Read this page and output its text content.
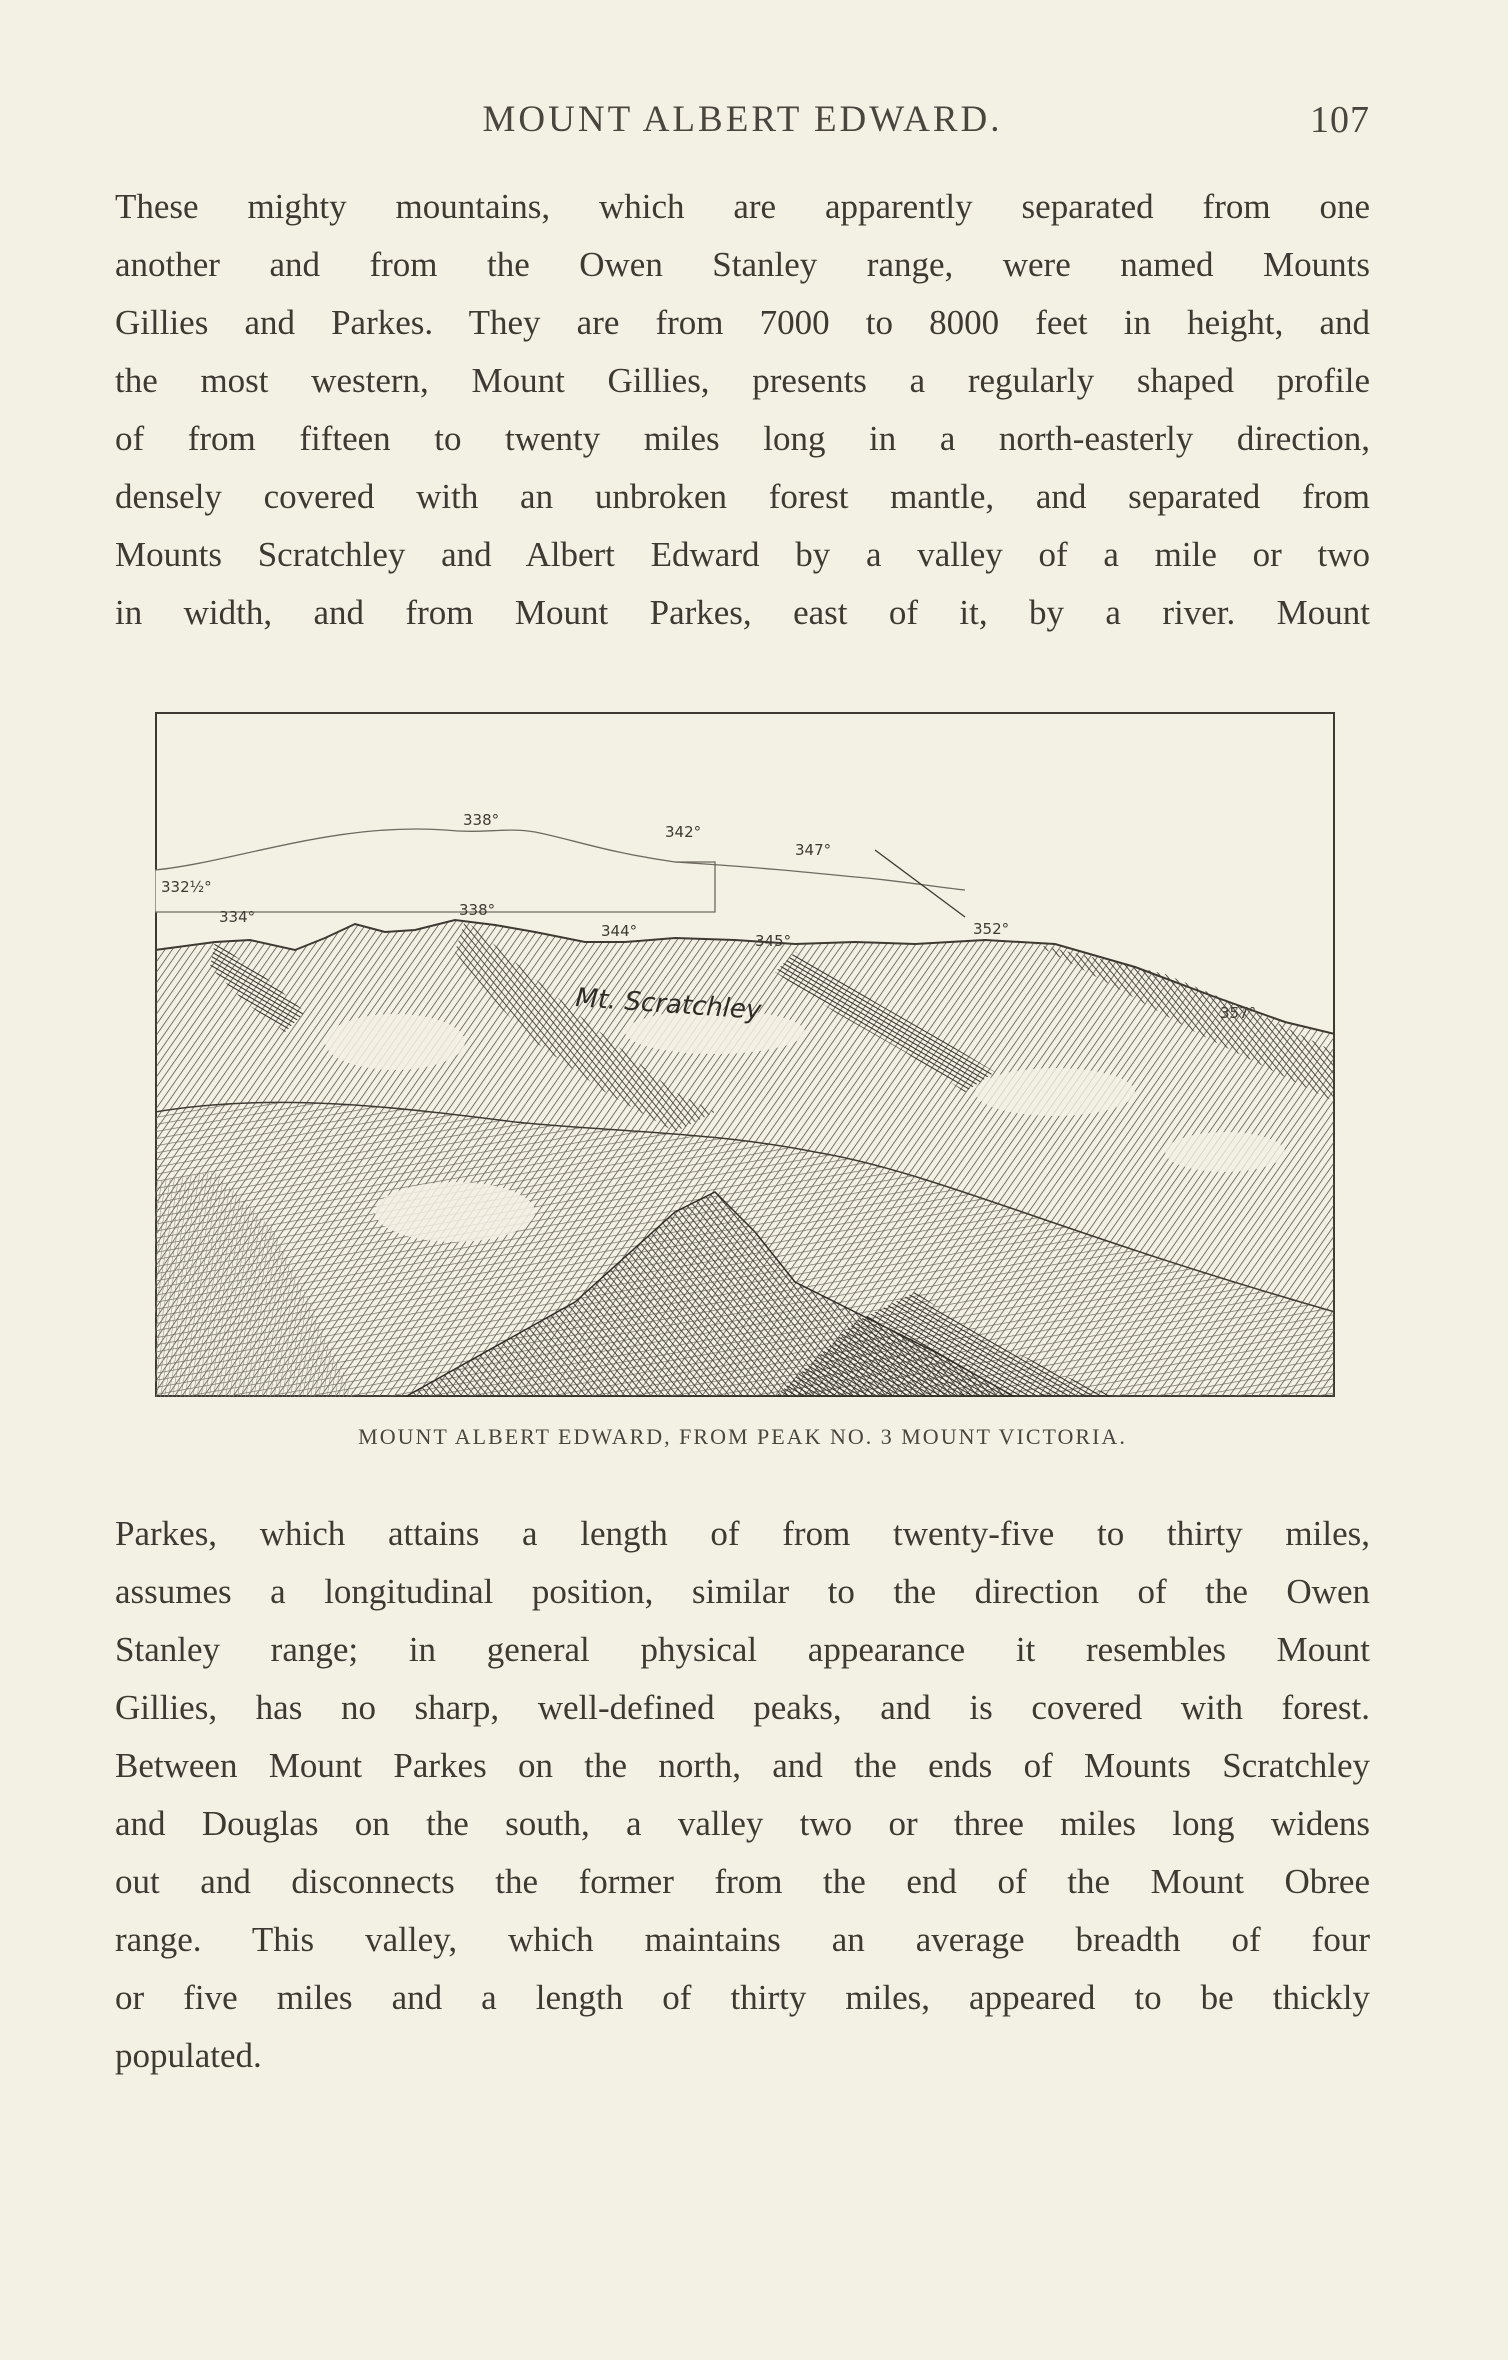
MOUNT ALBERT EDWARD.	107
These mighty mountains, which are apparently separated from one
another and from the Owen Stanley range, were named Mounts
Gillies and Parkes. They are from 7000 to 8000 feet in height, and
the most western, Mount Gillies, presents a regularly shaped profile
of from fifteen to twenty miles long in a north-easterly direction,
densely covered with an unbroken forest mantle, and separated from
Mounts Scratchley and Albert Edward by a valley of a mile or two
in width, and from Mount Parkes, east of it, by a river. Mount
338°
342°
347°
332½°
334°	338°
344°
345°
352°
357°
Mt. Scratchley
MOUNT ALBERT EDWARD, FROM PEAK NO. 3 MOUNT VICTORIA.
Parkes, which attains a length of from twenty-five to thirty miles,
assumes a longitudinal position, similar to the direction of the Owen
Stanley range; in general physical appearance it resembles Mount
Gillies, has no sharp, well-defined peaks, and is covered with forest.
Between Mount Parkes on the north, and the ends of Mounts Scratchley
and Douglas on the south, a valley two or three miles long widens
out and disconnects the former from the end of the Mount Obree
range. This valley, which maintains an average breadth of four
or five miles and a length of thirty miles, appeared to be thickly
populated.
